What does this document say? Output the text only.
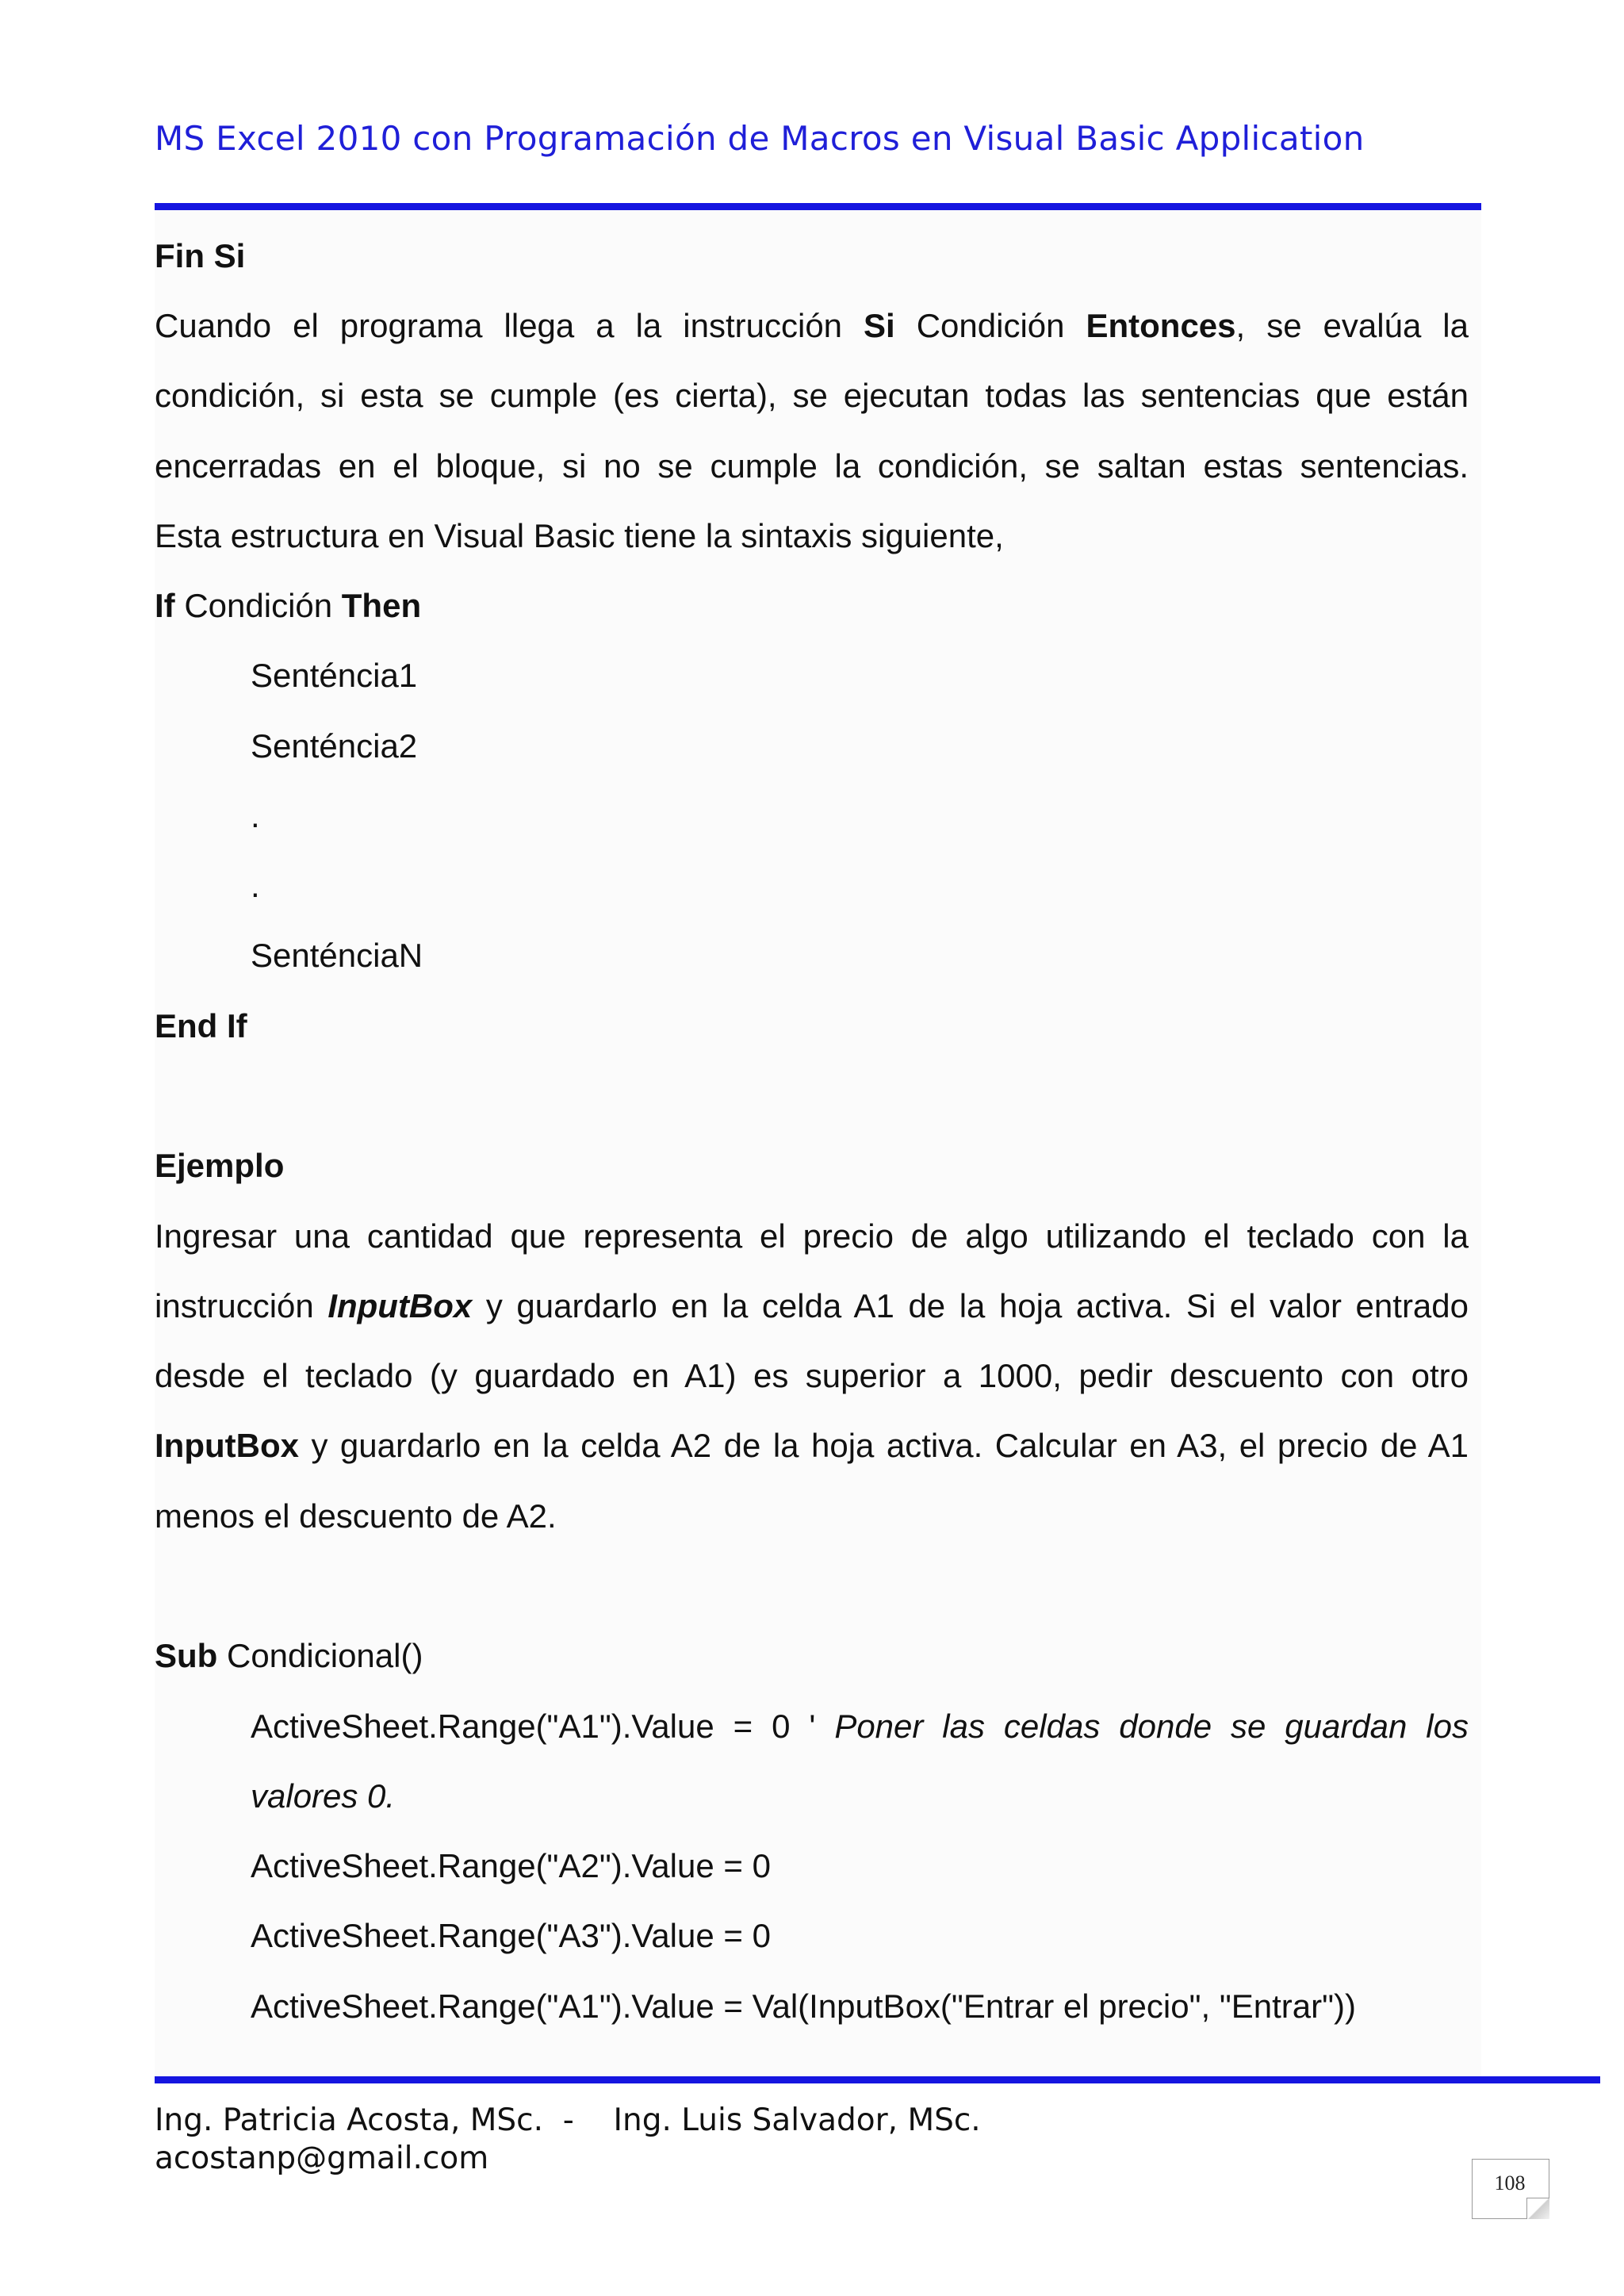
MS Excel 2010 con Programación de Macros en Visual Basic Application
Fin Si
Cuando el programa llega a la instrucción Si Condición Entonces, se evalúa la
condición, si esta se cumple (es cierta), se ejecutan todas las sentencias que están
encerradas en el bloque, si no se cumple la condición, se saltan estas sentencias.
Esta estructura en Visual Basic tiene la sintaxis siguiente,
If Condición Then
Senténcia1
Senténcia2
.
.
SenténciaN
End If
Ejemplo
Ingresar una cantidad que representa el precio de algo utilizando el teclado con la
instrucción InputBox y guardarlo en la celda A1 de la hoja activa. Si el valor entrado
desde el teclado (y guardado en A1) es superior a 1000, pedir descuento con otro
InputBox y guardarlo en la celda A2 de la hoja activa. Calcular en A3, el precio de A1
menos el descuento de A2.
Sub Condicional()
ActiveSheet.Range("A1").Value = 0 ' Poner las celdas donde se guardan los
valores 0.
ActiveSheet.Range("A2").Value = 0
ActiveSheet.Range("A3").Value = 0
ActiveSheet.Range("A1").Value = Val(InputBox("Entrar el precio", "Entrar"))
Ing. Patricia Acosta, MSc.  -    Ing. Luis Salvador, MSc.
acostanp@gmail.com
108
